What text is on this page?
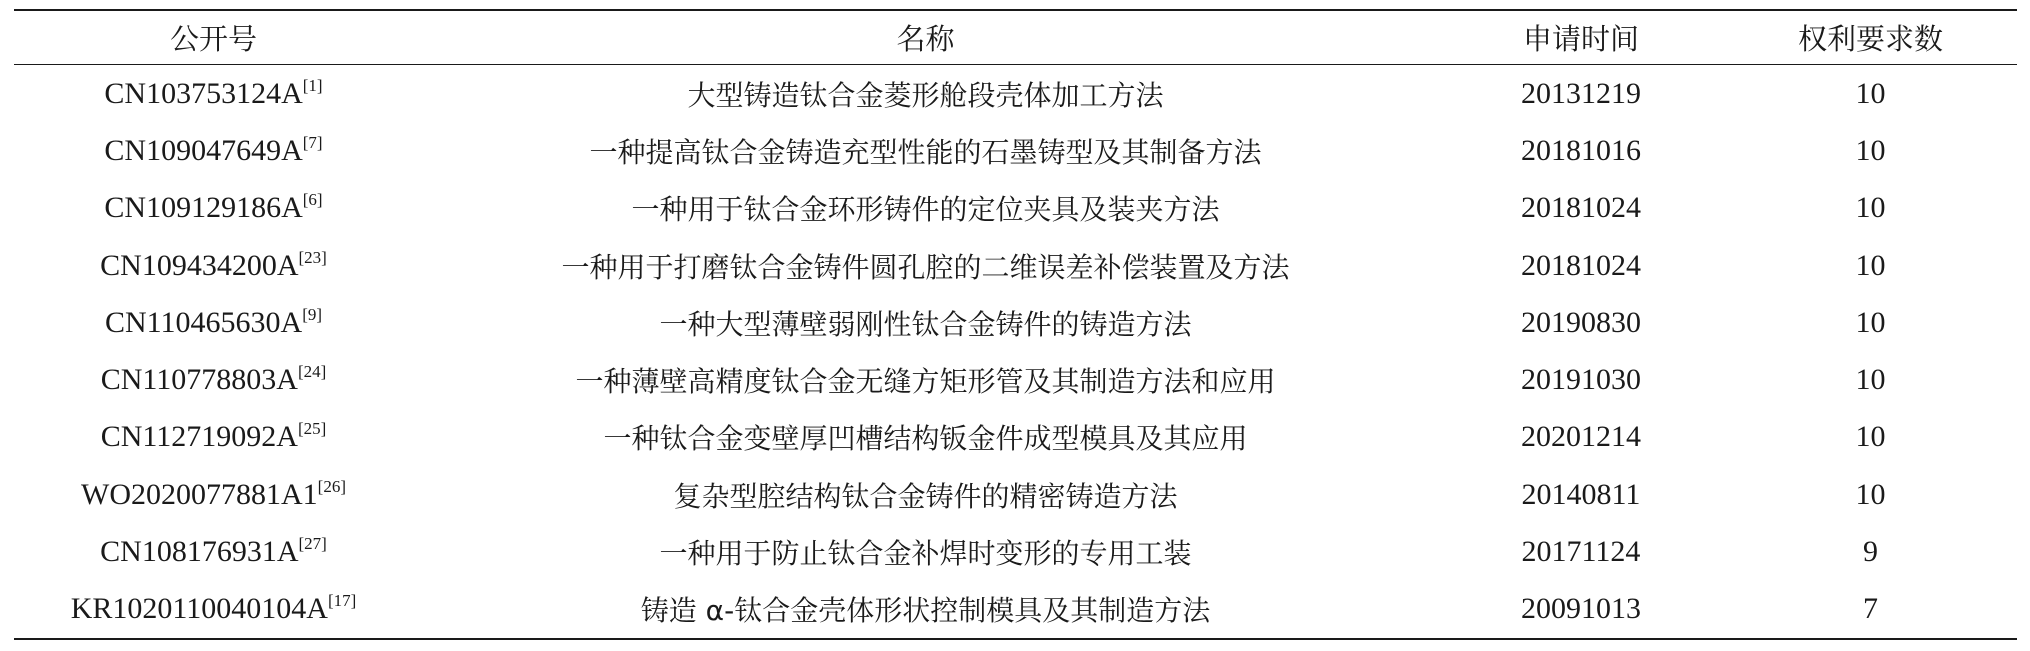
公开号	名称	申请时间	权利要求数
CN103753124A[1]	大型铸造钛合金菱形舱段壳体加工方法	20131219	10
CN109047649A[7]	一种提高钛合金铸造充型性能的石墨铸型及其制备方法	20181016	10
CN109129186A[6]	一种用于钛合金环形铸件的定位夹具及装夹方法	20181024	10
CN109434200A[23]	一种用于打磨钛合金铸件圆孔腔的二维误差补偿装置及方法	20181024	10
CN110465630A[9]	一种大型薄壁弱刚性钛合金铸件的铸造方法	20190830	10
CN110778803A[24]	一种薄壁高精度钛合金无缝方矩形管及其制造方法和应用	20191030	10
CN112719092A[25]	一种钛合金变壁厚凹槽结构钣金件成型模具及其应用	20201214	10
WO2020077881A1[26]	复杂型腔结构钛合金铸件的精密铸造方法	20140811	10
CN108176931A[27]	一种用于防止钛合金补焊时变形的专用工装	20171124	9
KR1020110040104A[17]	铸造 α-钛合金壳体形状控制模具及其制造方法	20091013	7
